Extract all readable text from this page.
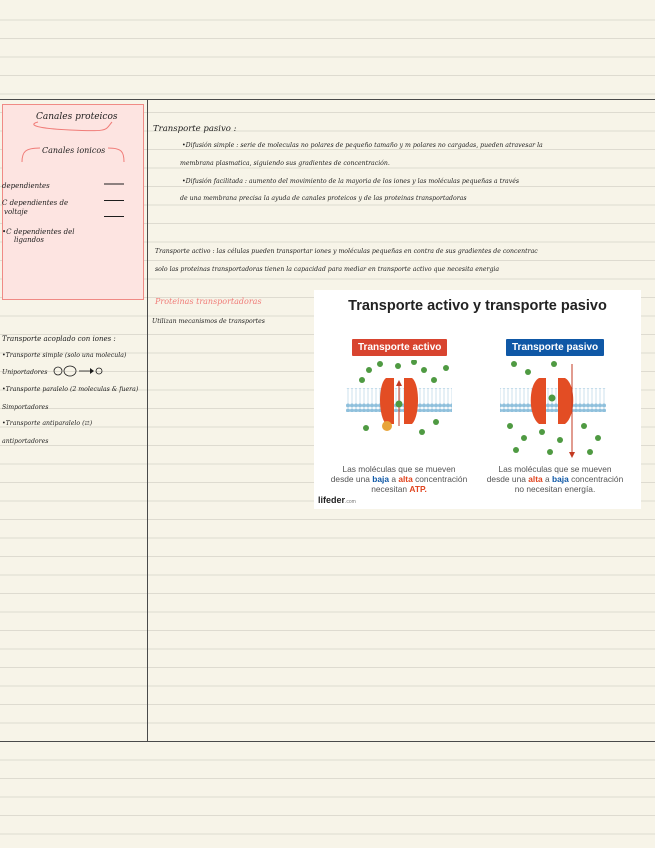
Canales proteicos
Canales ionicos
dependientes
C dependientes de
voltaje
•C dependientes del
ligandos
Transporte acoplado con iones :
•Transporte simple (solo una molecula)
Uniportadores
•Transporte paralelo (2 moleculas & fuera)
Simportadores
•Transporte antiparalelo (⇄)
antiportadores
Transporte pasivo :
•Difusión simple : serie de moleculas no polares de pequeño tamaño y m polares no cargadas, pueden atravesar la
membrana plasmatica, siguiendo sus gradientes de concentración.
•Difusión facilitada : aumento del movimiento de la mayoria de los iones y las moléculas pequeñas a través
de una membrana precisa la ayuda de canales proteicos y de las proteinas transportadoras
Transporte activo : las células pueden transportar iones y moléculas pequeñas en contra de sus gradientes de concentrac
solo las proteinas transportadoras tienen la capacidad para mediar en transporte activo que necesita energia
Proteinas transportadoras
Utilizan mecanismos de transportes
Transporte activo y transporte pasivo
Transporte activo	Transporte pasivo
Las moléculas que se mueven
desde una baja a alta concentración
necesitan ATP.
Las moléculas que se mueven
desde una alta a baja concentración
no necesitan energía.
lifeder.com
